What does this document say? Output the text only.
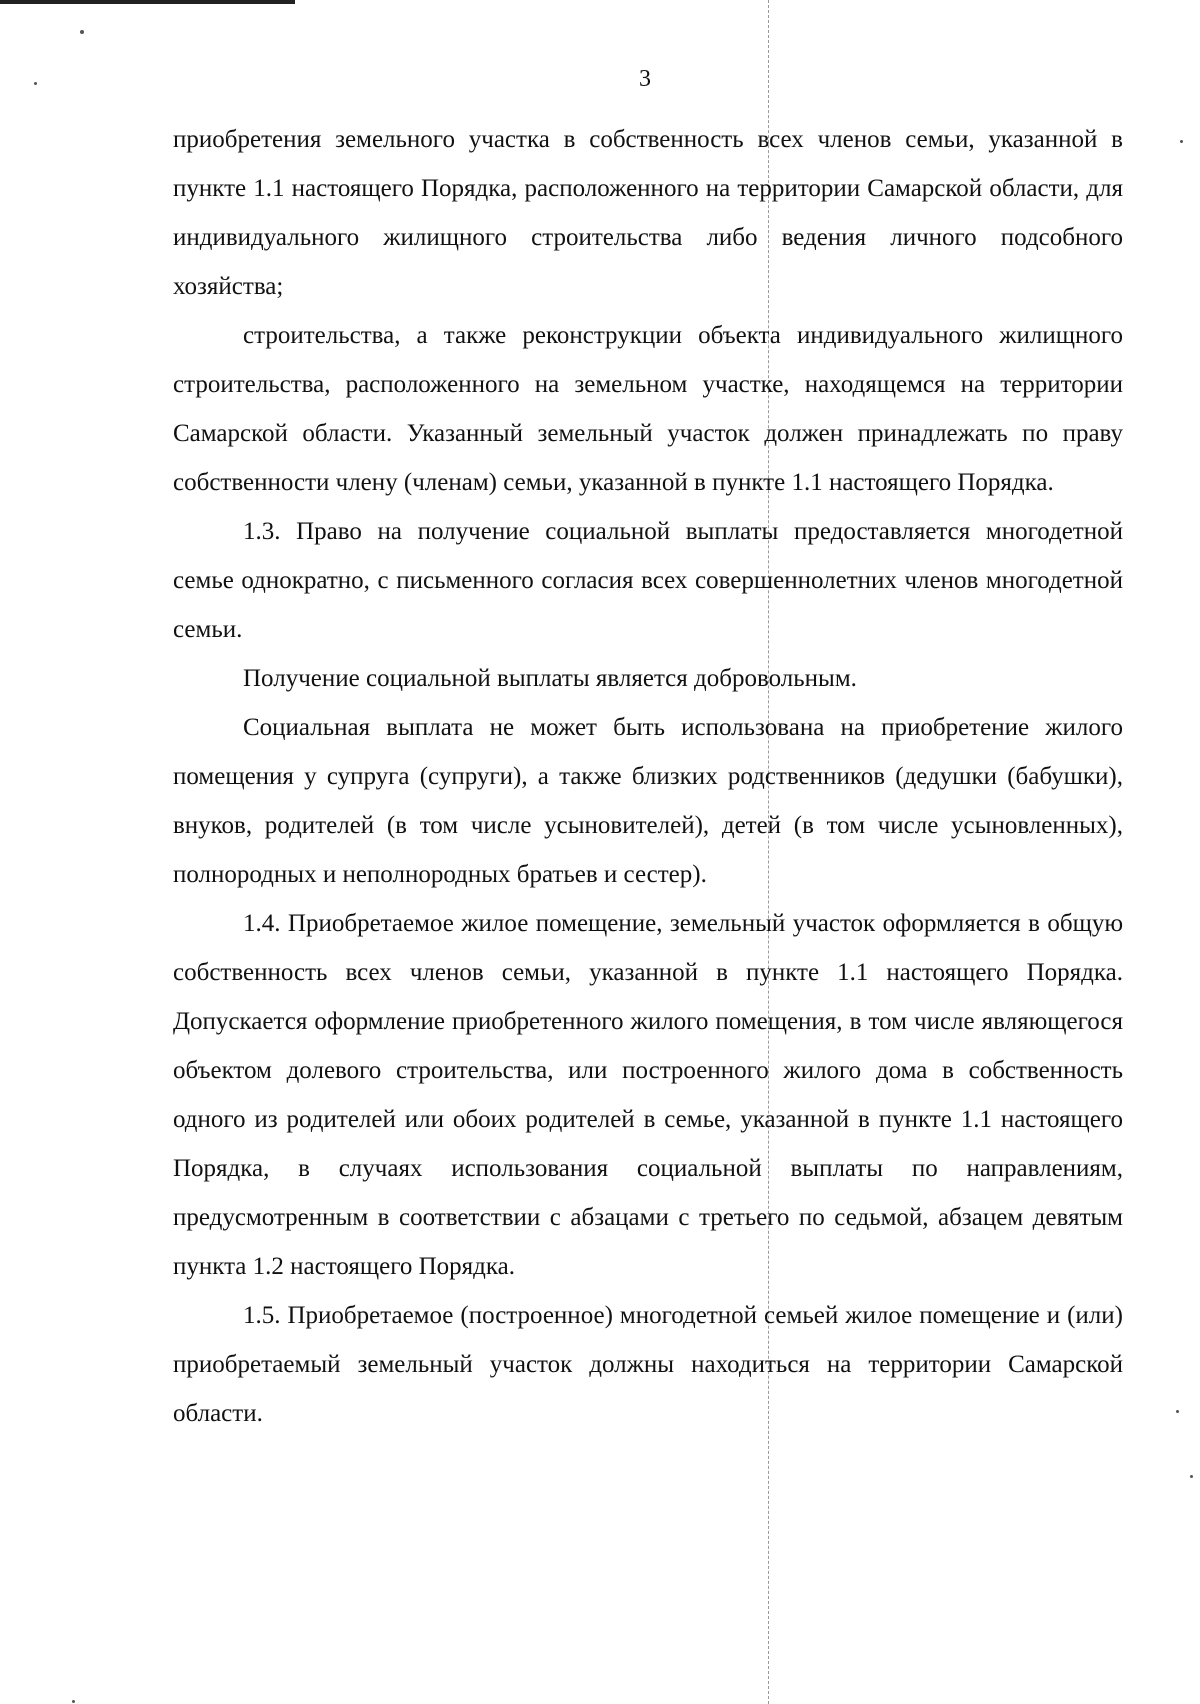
3

приобретения земельного участка в собственность всех членов семьи, указанной в пункте 1.1 настоящего Порядка, расположенного на территории Самарской области, для индивидуального жилищного строительства либо ведения личного подсобного хозяйства;

строительства, а также реконструкции объекта индивидуального жилищного строительства, расположенного на земельном участке, находящемся на территории Самарской области. Указанный земельный участок должен принадлежать по праву собственности члену (членам) семьи, указанной в пункте 1.1 настоящего Порядка.

1.3. Право на получение социальной выплаты предоставляется многодетной семье однократно, с письменного согласия всех совершеннолетних членов многодетной семьи.

Получение социальной выплаты является добровольным.

Социальная выплата не может быть использована на приобретение жилого помещения у супруга (супруги), а также близких родственников (дедушки (бабушки), внуков, родителей (в том числе усыновителей), детей (в том числе усыновленных), полнородных и неполнородных братьев и сестер).

1.4. Приобретаемое жилое помещение, земельный участок оформляется в общую собственность всех членов семьи, указанной в пункте 1.1 настоящего Порядка. Допускается оформление приобретенного жилого помещения, в том числе являющегося объектом долевого строительства, или построенного жилого дома в собственность одного из родителей или обоих родителей в семье, указанной в пункте 1.1 настоящего Порядка, в случаях использования социальной выплаты по направлениям, предусмотренным в соответствии с абзацами с третьего по седьмой, абзацем девятым пункта 1.2 настоящего Порядка.

1.5. Приобретаемое (построенное) многодетной семьей жилое помещение и (или) приобретаемый земельный участок должны находиться на территории Самарской области.
